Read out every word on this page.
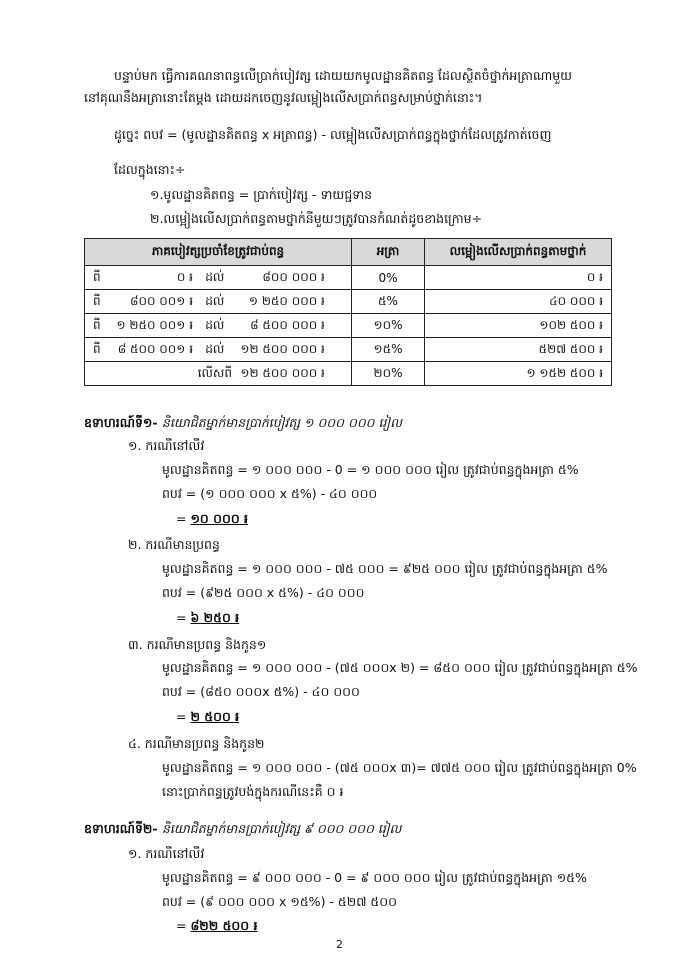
បន្ទាប់មក ធ្វើការគណនាពន្ធលើប្រាក់បៀវត្ស ដោយយកមូលដ្ឋានគិតពន្ធ ដែលស្ថិតចំថ្នាក់អត្រាណាមួយ
នៅគុណនឹងអត្រានោះតែម្តង ដោយដកចេញនូវលម្អៀងលើសប្រាក់ពន្ធសម្រាប់ថ្នាក់នោះ។
ដូច្នេះ ពបវ = (មូលដ្ឋានគិតពន្ធ x អត្រាពន្ធ) - លម្អៀងលើសប្រាក់ពន្ធក្នុងថ្នាក់ដែលត្រូវកាត់ចេញ
ដែលក្នុងនោះ÷
១.មូលដ្ឋានគិតពន្ធ = ប្រាក់បៀវត្ស - ទាយជ្ជទាន
២.លម្អៀងលើសប្រាក់ពន្ធតាមថ្នាក់នីមួយៗត្រូវបានកំណត់ដូចខាងក្រោម÷
ភាគបៀវត្សប្រចាំខែត្រូវជាប់ពន្ធ	អត្រា	លម្អៀងលើសប្រាក់ពន្ធតាមថ្នាក់
ពី ០ ៛ ដល់ ៨០០ ០០០ ៛	0%	០ ៛
ពី ៨០០ ០០១ ៛ ដល់ ១ ២៥០ ០០០ ៛	៥%	៤០ ០០០ ៛
ពី ១ ២៥០ ០០១ ៛ ដល់ ៨ ៥០០ ០០០ ៛	១០%	១០២ ៥០០ ៛
ពី ៨ ៥០០ ០០១ ៛ ដល់ ១២ ៥០០ ០០០ ៛	១៥%	៥២៧ ៥០០ ៛
លើសពី ១២ ៥០០ ០០០ ៛	២០%	១ ១៥២ ៥០០ ៛
ឧទាហរណ៍ទី១- និយោជិតម្នាក់មានប្រាក់បៀវត្ស ១ ០០០ ០០០ រៀល
១. ករណីនៅលីវ
មូលដ្ឋានគិតពន្ធ = ១ ០០០ ០០០ - 0 = ១ ០០០ ០០០ រៀល ត្រូវជាប់ពន្ធក្នុងអត្រា ៥%
ពបវ = (១ ០០០ ០០០ x ៥%) - ៤០ ០០០
= ១០ ០០០ ៛
២. ករណីមានប្រពន្ធ
មូលដ្ឋានគិតពន្ធ = ១ ០០០ ០០០ - ៧៥ ០០០ = ៩២៥ ០០០ រៀល ត្រូវជាប់ពន្ធក្នុងអត្រា ៥%
ពបវ = (៩២៥ ០០០ x ៥%) - ៤០ ០០០
= ៦ ២៥០ ៛
៣. ករណីមានប្រពន្ធ និងកូន១
មូលដ្ឋានគិតពន្ធ = ១ ០០០ ០០០ - (៧៥ ០០០x ២) = ៨៥០ ០០០ រៀល ត្រូវជាប់ពន្ធក្នុងអត្រា ៥%
ពបវ = (៨៥០ ០០០x ៥%) - ៤០ ០០០
= ២ ៥០០ ៛
៤. ករណីមានប្រពន្ធ និងកូន២
មូលដ្ឋានគិតពន្ធ = ១ ០០០ ០០០ - (៧៥ ០០០x ៣)= ៧៧៥ ០០០ រៀល ត្រូវជាប់ពន្ធក្នុងអត្រា 0%
នោះប្រាក់ពន្ធត្រូវបង់ក្នុងករណីនេះគឺ ០ ៛
ឧទាហរណ៍ទី២- និយោជិតម្នាក់មានប្រាក់បៀវត្ស ៩ ០០០ ០០០ រៀល
១. ករណីនៅលីវ
មូលដ្ឋានគិតពន្ធ = ៩ ០០០ ០០០ - 0 = ៩ ០០០ ០០០ រៀល ត្រូវជាប់ពន្ធក្នុងអត្រា ១៥%
ពបវ = (៩ ០០០ ០០០ x ១៥%) - ៥២៧ ៥០០
= ៨២២ ៥០០ ៛
2
